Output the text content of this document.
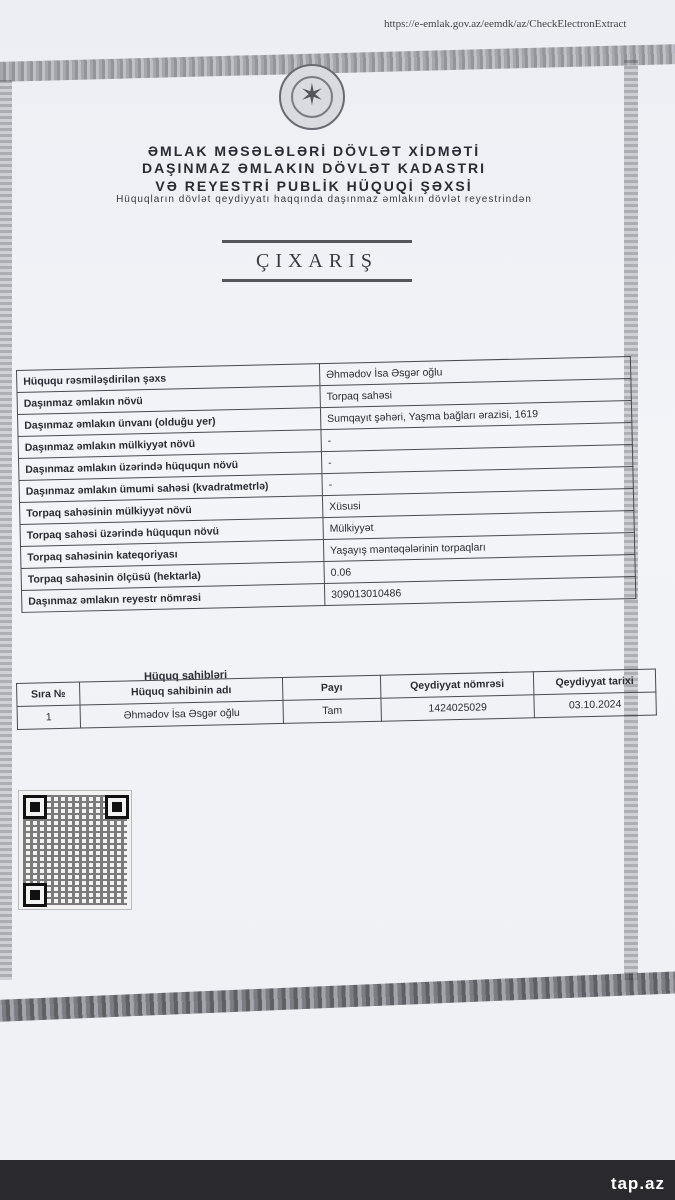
https://e-emlak.gov.az/eemdk/az/CheckElectronExtract
✶
ƏMLAK MƏSƏLƏLƏRİ DÖVLƏT XİDMƏTİ
DAŞINMAZ ƏMLAKIN DÖVLƏT KADASTRI
VƏ REYESTRİ PUBLİK HÜQUQİ ŞƏXSİ
Hüquqların dövlət qeydiyyatı haqqında daşınmaz əmlakın dövlət reyestrindən
ÇIXARIŞ
Hüququ rəsmiləşdirilən şəxs	Əhmədov İsa Əsgər oğlu
Daşınmaz əmlakın növü	Torpaq sahəsi
Daşınmaz əmlakın ünvanı (olduğu yer)	Sumqayıt şəhəri, Yaşma bağları ərazisi, 1619
Daşınmaz əmlakın mülkiyyət növü	-
Daşınmaz əmlakın üzərində hüququn növü	-
Daşınmaz əmlakın ümumi sahəsi (kvadratmetrlə)	-
Torpaq sahəsinin mülkiyyət növü	Xüsusi
Torpaq sahəsi üzərində hüququn növü	Mülkiyyət
Torpaq sahəsinin kateqoriyası	Yaşayış məntəqələrinin torpaqları
Torpaq sahəsinin ölçüsü (hektarla)	0.06
Daşınmaz əmlakın reyestr nömrəsi	309013010486
Hüquq sahibləri
Sıra №	Hüquq sahibinin adı	Payı	Qeydiyyat nömrəsi	Qeydiyyat tarixi
1	Əhmədov İsa Əsgər oğlu	Tam	1424025029	03.10.2024
tap.az
